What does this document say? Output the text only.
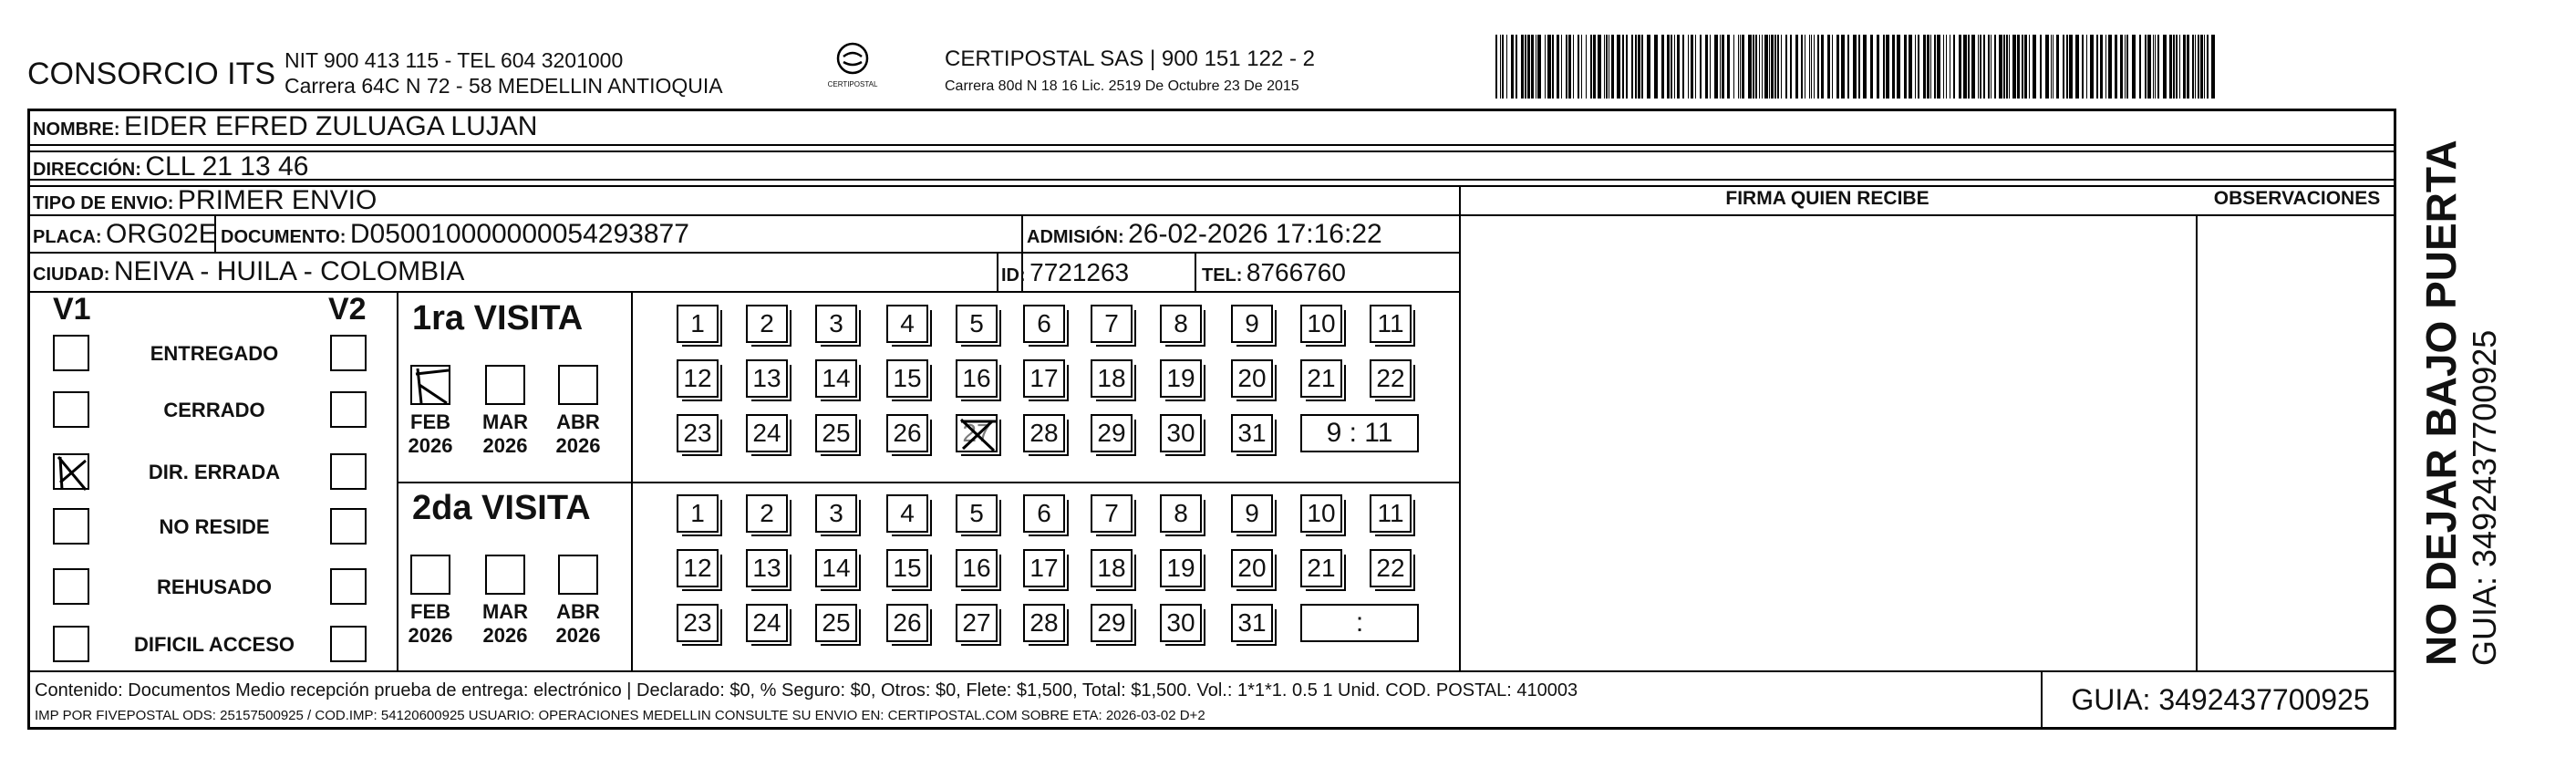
CONSORCIO ITS NIT 900 413 115 - TEL 604 3201000
Carrera 64C N 72 - 58 MEDELLIN ANTIOQUIA	CERTIPOSTAL
CERTIPOSTAL SAS | 900 151 122 - 2
Carrera 80d N 18 16 Lic. 2519 De Octubre 23 De 2015
NOMBRE: EIDER EFRED ZULUAGA LUJAN
DIRECCIÓN: CLL 21 13 46
TIPO DE ENVIO: PRIMER ENVIO	FIRMA QUIEN RECIBE	OBSERVACIONES
PLACA: ORG02E DOCUMENTO: D050010000000054293877	ADMISIÓN: 26-02-2026 17:16:22
CIUDAD: NEIVA - HUILA - COLOMBIA	ID: 7721263	TEL: 8766760
V1	V2
ENTREGADO
CERRADO
DIR. ERRADA
NO RESIDE
REHUSADO
DIFICIL ACCESO
1ra VISITA
2da VISITA
FEB
2026
MAR
2026
ABR
2026
1	2	3	4	5	6	7	8	9	10	11
12 13 14 15 16 17 18 19 20 21 22
23 24 25 26 27 28 29 30 31	9 : 11
FEB
2026
MAR
2026
ABR
2026
1	2	3	4	5	6	7	8	9	10	11
12 13 14 15 16 17 18 19 20 21 22
23 24 25 26 27 28 29 30 31	:
Contenido: Documentos Medio recepción prueba de entrega: electrónico | Declarado: $0, % Seguro: $0, Otros: $0, Flete: $1,500, Total: $1,500. Vol.: 1*1*1. 0.5 1 Unid. COD. POSTAL: 410003
IMP POR FIVEPOSTAL ODS: 25157500925 / COD.IMP: 54120600925 USUARIO: OPERACIONES MEDELLIN CONSULTE SU ENVIO EN: CERTIPOSTAL.COM SOBRE ETA: 2026-03-02 D+2	GUIA: 3492437700925
NO DEJAR BAJO PUERTA GUIA: 3492437700925
